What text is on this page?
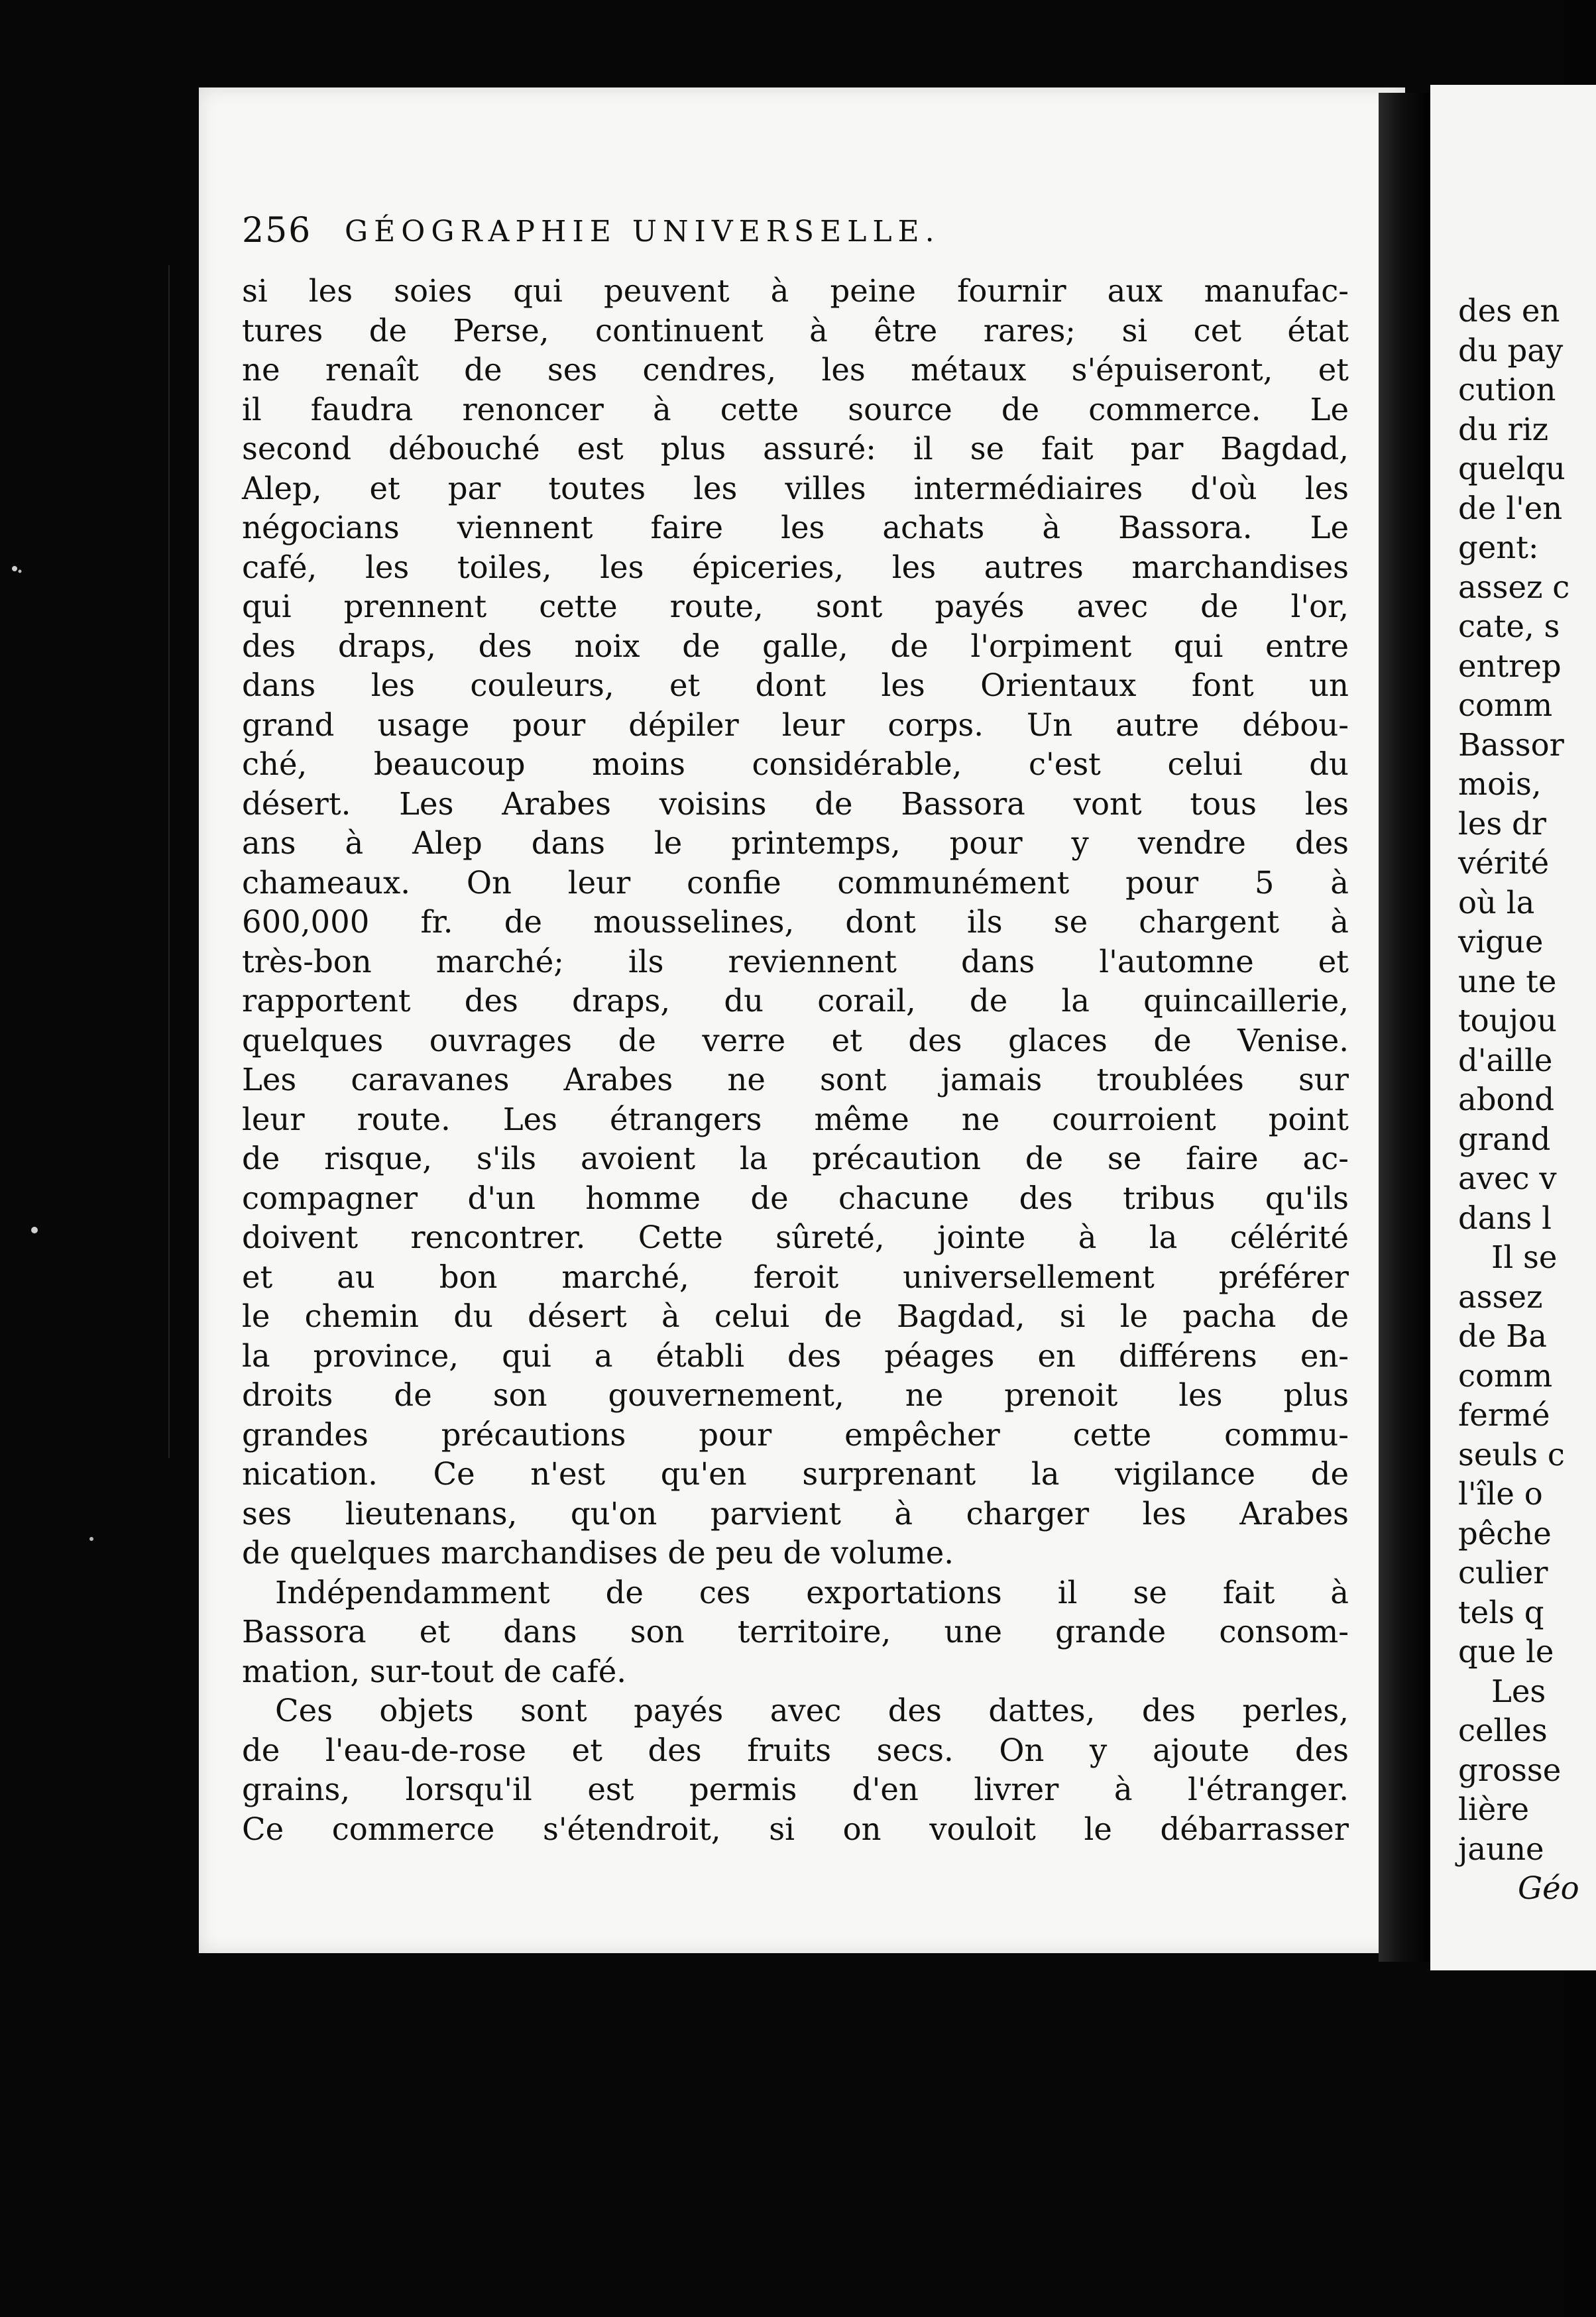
256 GÉOGRAPHIE UNIVERSELLE.
si les soies qui peuvent à peine fournir aux manufac-
tures de Perse, continuent à être rares; si cet état
ne renaît de ses cendres, les métaux s'épuiseront, et
il faudra renoncer à cette source de commerce. Le
second débouché est plus assuré: il se fait par Bagdad,
Alep, et par toutes les villes intermédiaires d'où les
négocians viennent faire les achats à Bassora. Le
café, les toiles, les épiceries, les autres marchandises
qui prennent cette route, sont payés avec de l'or,
des draps, des noix de galle, de l'orpiment qui entre
dans les couleurs, et dont les Orientaux font un
grand usage pour dépiler leur corps. Un autre débou-
ché, beaucoup moins considérable, c'est celui du
désert. Les Arabes voisins de Bassora vont tous les
ans à Alep dans le printemps, pour y vendre des
chameaux. On leur confie communément pour 5 à
600,000 fr. de mousselines, dont ils se chargent à
très-bon marché; ils reviennent dans l'automne et
rapportent des draps, du corail, de la quincaillerie,
quelques ouvrages de verre et des glaces de Venise.
Les caravanes Arabes ne sont jamais troublées sur
leur route. Les étrangers même ne courroient point
de risque, s'ils avoient la précaution de se faire ac-
compagner d'un homme de chacune des tribus qu'ils
doivent rencontrer. Cette sûreté, jointe à la célérité
et au bon marché, feroit universellement préférer
le chemin du désert à celui de Bagdad, si le pacha de
la province, qui a établi des péages en différens en-
droits de son gouvernement, ne prenoit les plus
grandes précautions pour empêcher cette commu-
nication. Ce n'est qu'en surprenant la vigilance de
ses lieutenans, qu'on parvient à charger les Arabes
de quelques marchandises de peu de volume.
Indépendamment de ces exportations il se fait à
Bassora et dans son territoire, une grande consom-
mation, sur-tout de café.
Ces objets sont payés avec des dattes, des perles,
de l'eau-de-rose et des fruits secs. On y ajoute des
grains, lorsqu'il est permis d'en livrer à l'étranger.
Ce commerce s'étendroit, si on vouloit le débarrasser
des en
du pay
cution
du riz
quelqu
de l'en
gent:
assez c
cate, s
entrep
comm
Bassor
mois,
les dr
vérité
où la
vigue
une te
toujou
d'aille
abond
grand
avec v
dans l
Il se
assez
de Ba
comm
fermé
seuls c
l'île o
pêche
culier
tels q
que le
Les
celles
grosse
lière
jaune
Géo
